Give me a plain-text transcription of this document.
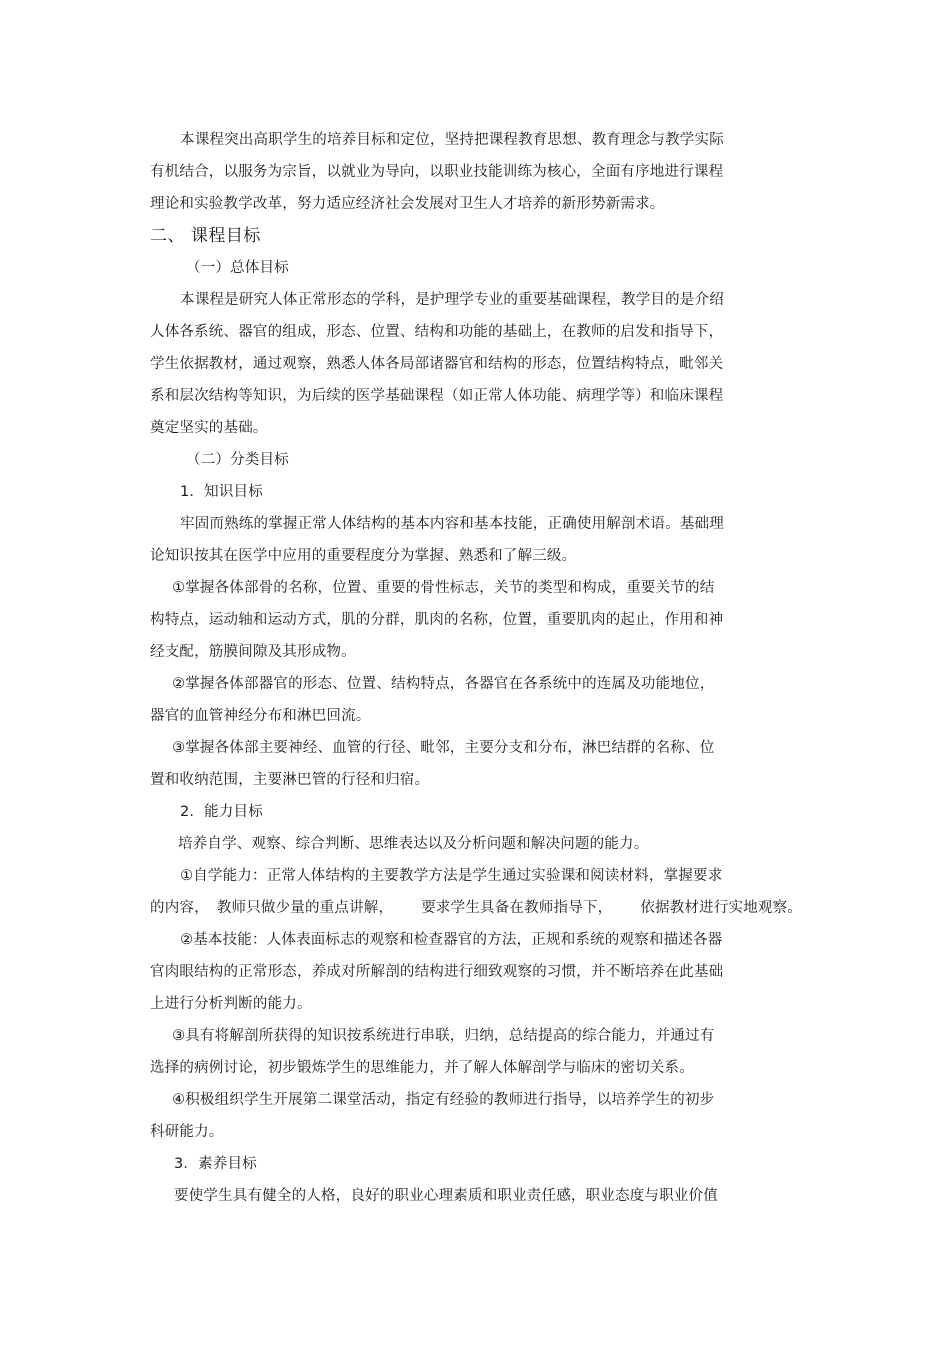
本课程突出高职学生的培养目标和定位，坚持把课程教育思想、教育理念与教学实际
有机结合，以服务为宗旨，以就业为导向，以职业技能训练为核心，全面有序地进行课程
理论和实验教学改革，努力适应经济社会发展对卫生人才培养的新形势新需求。
二、 课程目标
（一）总体目标
本课程是研究人体正常形态的学科，是护理学专业的重要基础课程，教学目的是介绍
人体各系统、器官的组成，形态、位置、结构和功能的基础上，在教师的启发和指导下，
学生依据教材，通过观察，熟悉人体各局部诸器官和结构的形态，位置结构特点，毗邻关
系和层次结构等知识，为后续的医学基础课程（如正常人体功能、病理学等）和临床课程
奠定坚实的基础。
（二）分类目标
1．知识目标
牢固而熟练的掌握正常人体结构的基本内容和基本技能，正确使用解剖术语。基础理
论知识按其在医学中应用的重要程度分为掌握、熟悉和了解三级。
①掌握各体部骨的名称，位置、重要的骨性标志，关节的类型和构成，重要关节的结
构特点，运动轴和运动方式，肌的分群，肌肉的名称，位置，重要肌肉的起止，作用和神
经支配，筋膜间隙及其形成物。
②掌握各体部器官的形态、位置、结构特点，各器官在各系统中的连属及功能地位，
器官的血管神经分布和淋巴回流。
③掌握各体部主要神经、血管的行径、毗邻，主要分支和分布，淋巴结群的名称、位
置和收纳范围，主要淋巴管的行径和归宿。
2．能力目标
培养自学、观察、综合判断、思维表达以及分析问题和解决问题的能力。
①自学能力：正常人体结构的主要教学方法是学生通过实验课和阅读材料，掌握要求
的内容， 教师只做少量的重点讲解， 要求学生具备在教师指导下， 依据教材进行实地观察。
②基本技能：人体表面标志的观察和检查器官的方法，正规和系统的观察和描述各器
官肉眼结构的正常形态，养成对所解剖的结构进行细致观察的习惯，并不断培养在此基础
上进行分析判断的能力。
③具有将解剖所获得的知识按系统进行串联，归纳，总结提高的综合能力，并通过有
选择的病例讨论，初步锻炼学生的思维能力，并了解人体解剖学与临床的密切关系。
④积极组织学生开展第二课堂活动，指定有经验的教师进行指导，以培养学生的初步
科研能力。
3．素养目标
要使学生具有健全的人格，良好的职业心理素质和职业责任感，职业态度与职业价值
